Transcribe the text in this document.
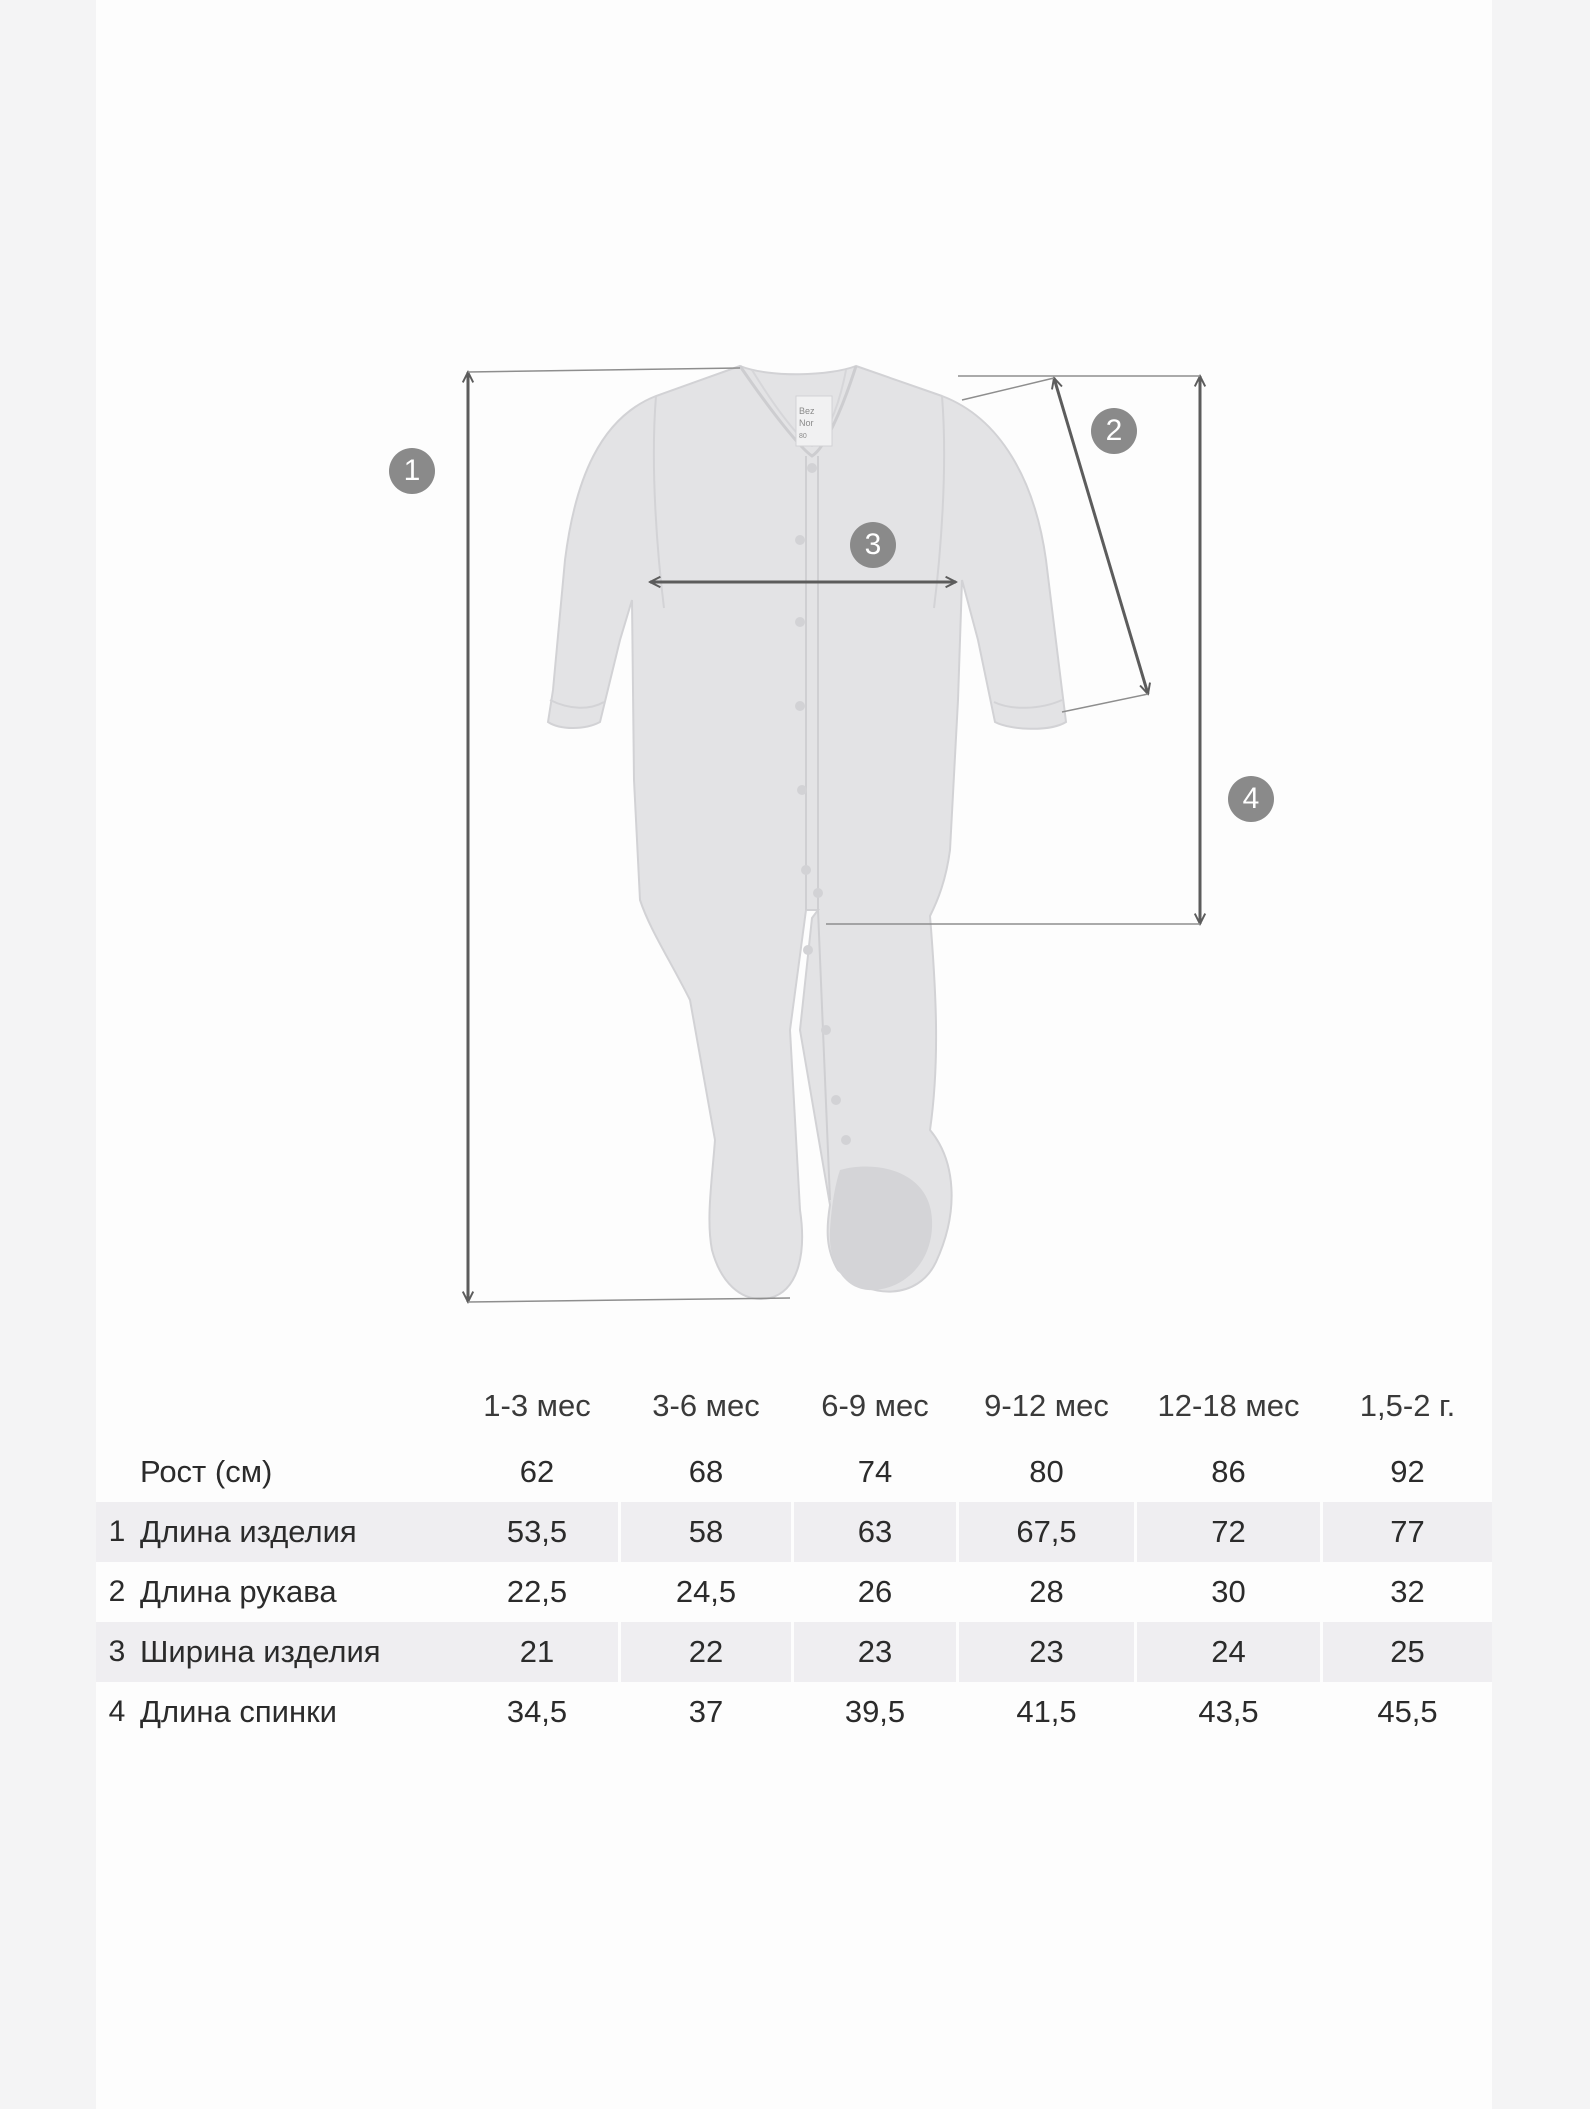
Bez
Nor
80
1
2
3
4
1-3 мес	3-6 мес	6-9 мес	9-12 мес	12-18 мес	1,5-2 г.
Рост (см)	62	68	74	80	86	92
1 Длина изделия	53,5	58	63	67,5	72	77
2 Длина рукава	22,5	24,5	26	28	30	32
3 Ширина изделия	21	22	23	23	24	25
4 Длина спинки	34,5	37	39,5	41,5	43,5	45,5
